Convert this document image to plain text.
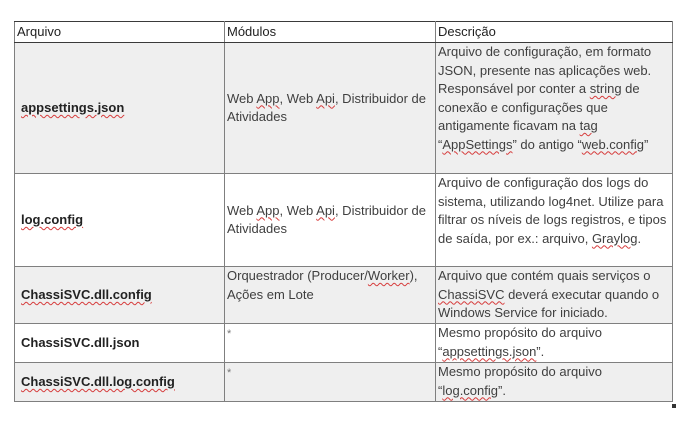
Arquivo	Módulos	Descrição
appsettings.json	Web App, Web Api, Distribuidor de Atividades	Arquivo de configuração, em formato JSON, presente nas aplicações web. Responsável por conter a string de conexão e configurações que antigamente ficavam na tag “AppSettings” do antigo “web.config”
log.config	Web App, Web Api, Distribuidor de Atividades	Arquivo de configuração dos logs do sistema, utilizando log4net. Utilize para filtrar os níveis de logs registros, e tipos de saída, por ex.: arquivo, Graylog.
ChassiSVC.dll.config	Orquestrador (Producer/Worker), Ações em Lote	Arquivo que contém quais serviços o ChassiSVC deverá executar quando o Windows Service for iniciado.
ChassiSVC.dll.json	*	Mesmo propósito do arquivo “appsettings.json”.
ChassiSVC.dll.log.config	*	Mesmo propósito do arquivo “log.config”.
